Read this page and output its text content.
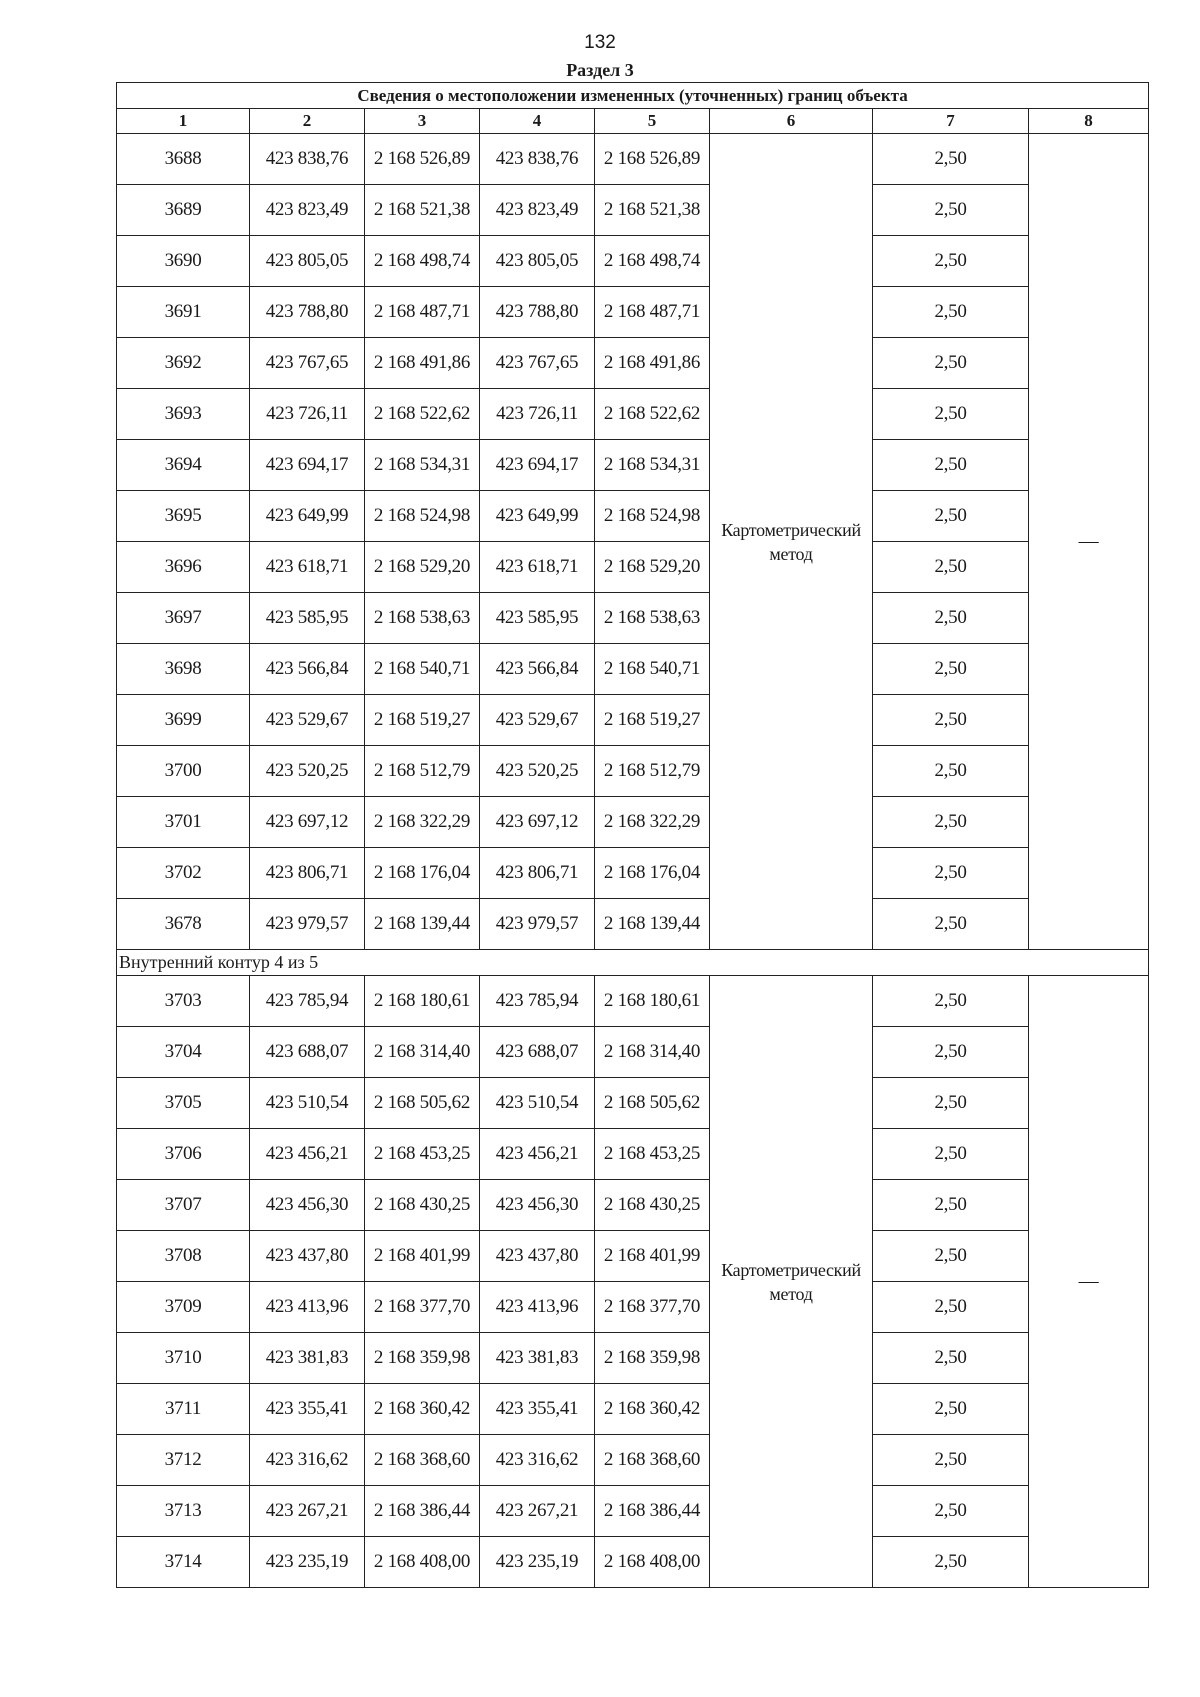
132
Раздел 3
Сведения о местоположении измененных (уточненных) границ объекта							
1	2	3	4	5	6	7	8
3688	423 838,76	2 168 526,89	423 838,76	2 168 526,89	Картометрический метод	2,50	—
3689	423 823,49	2 168 521,38	423 823,49	2 168 521,38		2,50	
3690	423 805,05	2 168 498,74	423 805,05	2 168 498,74		2,50	
3691	423 788,80	2 168 487,71	423 788,80	2 168 487,71		2,50	
3692	423 767,65	2 168 491,86	423 767,65	2 168 491,86		2,50	
3693	423 726,11	2 168 522,62	423 726,11	2 168 522,62		2,50	
3694	423 694,17	2 168 534,31	423 694,17	2 168 534,31		2,50	
3695	423 649,99	2 168 524,98	423 649,99	2 168 524,98		2,50	
3696	423 618,71	2 168 529,20	423 618,71	2 168 529,20		2,50	
3697	423 585,95	2 168 538,63	423 585,95	2 168 538,63		2,50	
3698	423 566,84	2 168 540,71	423 566,84	2 168 540,71		2,50	
3699	423 529,67	2 168 519,27	423 529,67	2 168 519,27		2,50	
3700	423 520,25	2 168 512,79	423 520,25	2 168 512,79		2,50	
3701	423 697,12	2 168 322,29	423 697,12	2 168 322,29		2,50	
3702	423 806,71	2 168 176,04	423 806,71	2 168 176,04		2,50	
3678	423 979,57	2 168 139,44	423 979,57	2 168 139,44		2,50	
Внутренний контур 4 из 5							
3703	423 785,94	2 168 180,61	423 785,94	2 168 180,61	Картометрический метод	2,50	—
3704	423 688,07	2 168 314,40	423 688,07	2 168 314,40		2,50	
3705	423 510,54	2 168 505,62	423 510,54	2 168 505,62		2,50	
3706	423 456,21	2 168 453,25	423 456,21	2 168 453,25		2,50	
3707	423 456,30	2 168 430,25	423 456,30	2 168 430,25		2,50	
3708	423 437,80	2 168 401,99	423 437,80	2 168 401,99		2,50	
3709	423 413,96	2 168 377,70	423 413,96	2 168 377,70		2,50	
3710	423 381,83	2 168 359,98	423 381,83	2 168 359,98		2,50	
3711	423 355,41	2 168 360,42	423 355,41	2 168 360,42		2,50	
3712	423 316,62	2 168 368,60	423 316,62	2 168 368,60		2,50	
3713	423 267,21	2 168 386,44	423 267,21	2 168 386,44		2,50	
3714	423 235,19	2 168 408,00	423 235,19	2 168 408,00		2,50	
